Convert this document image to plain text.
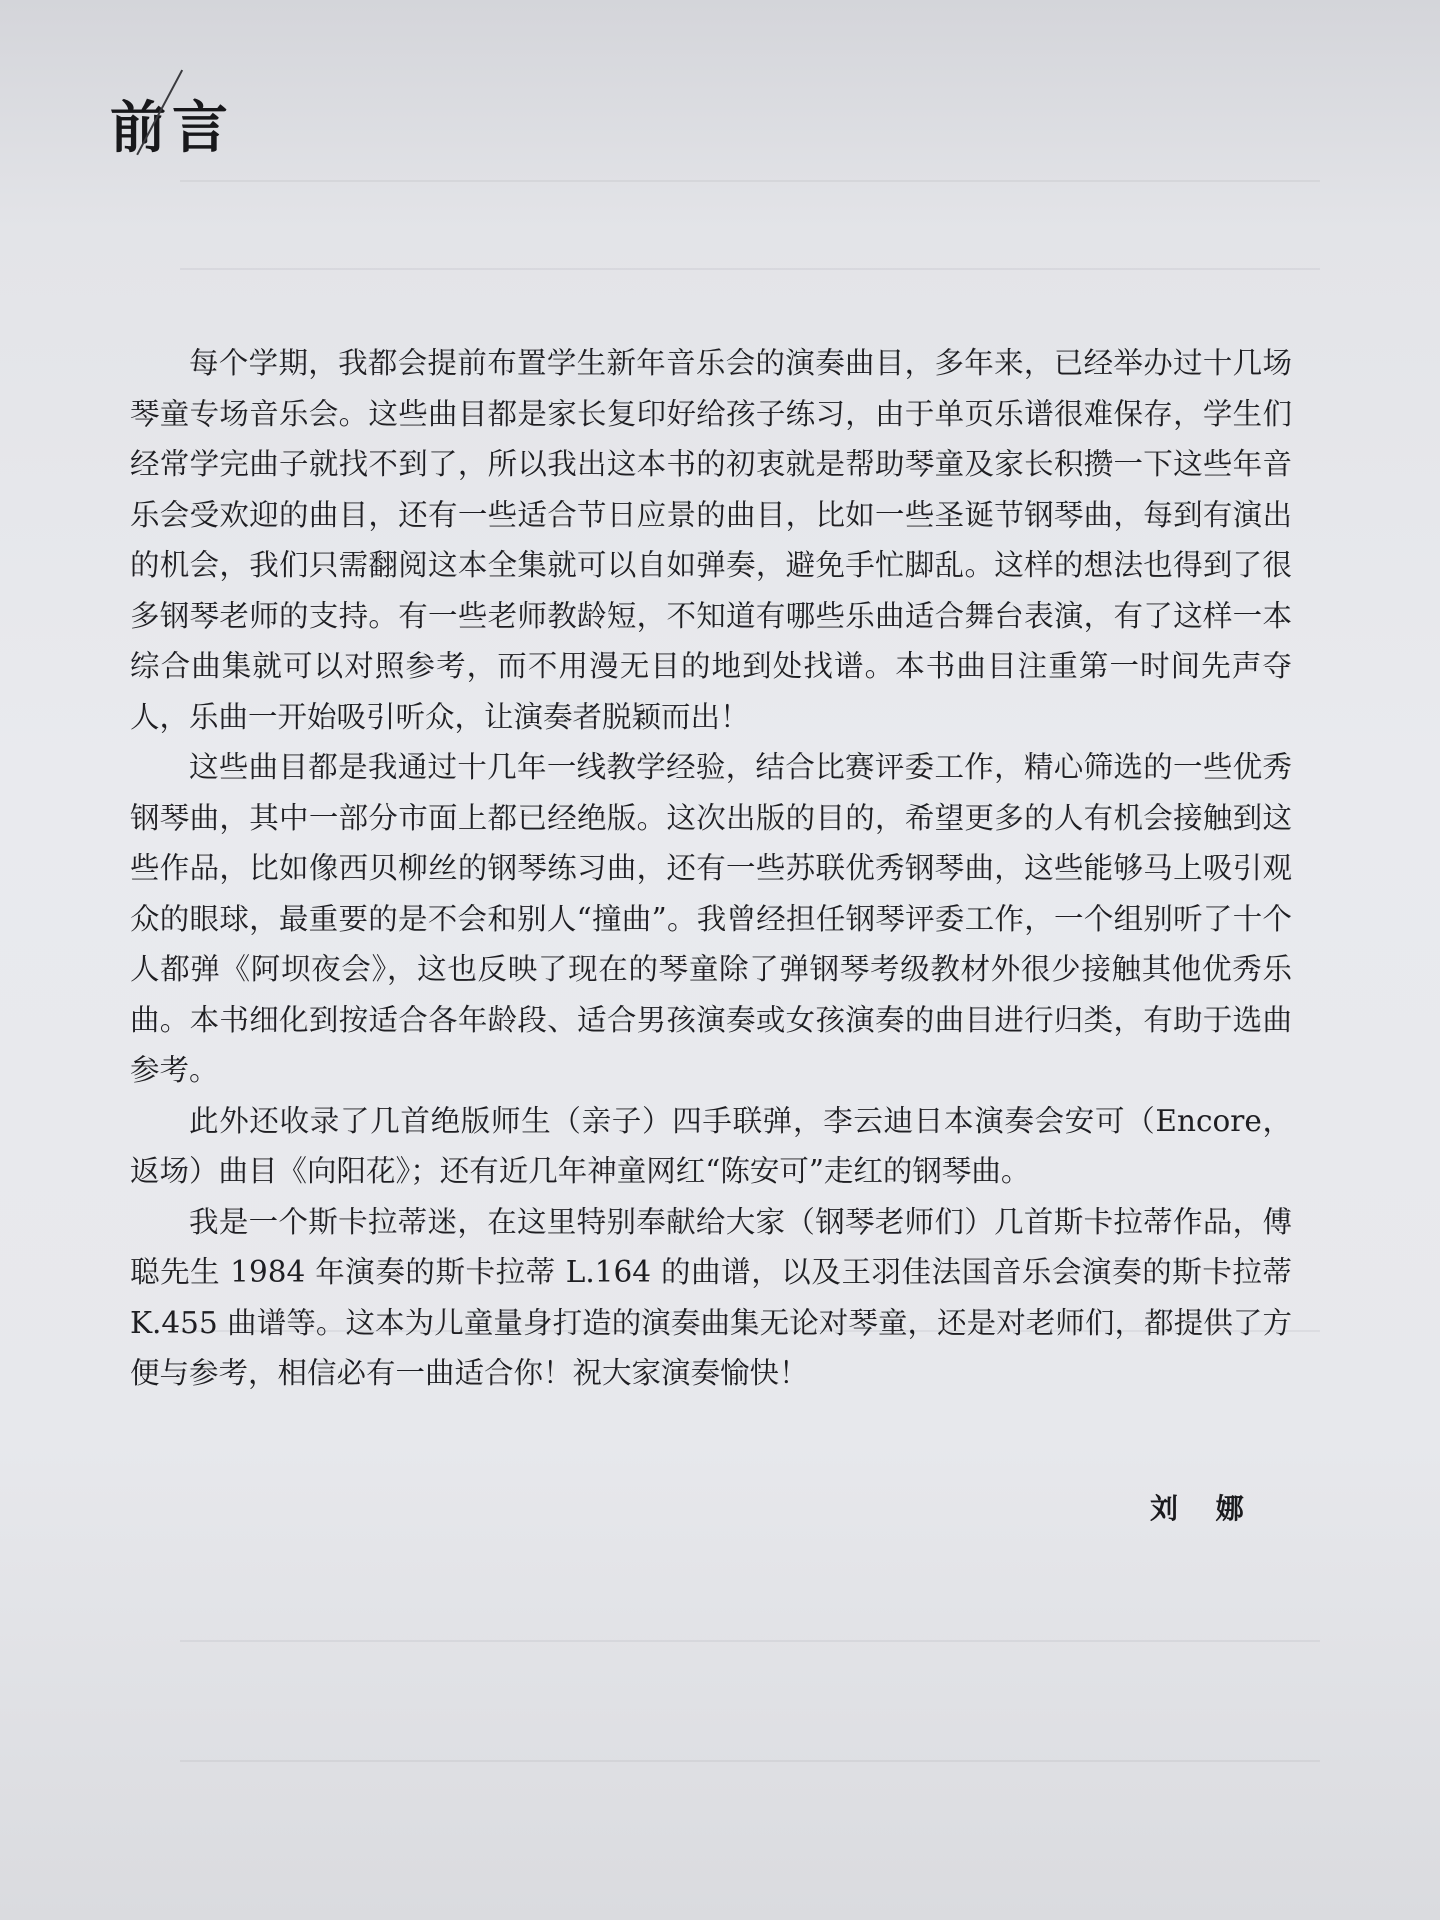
前言

每个学期，我都会提前布置学生新年音乐会的演奏曲目，多年来，已经举办过十几场琴童专场音乐会。这些曲目都是家长复印好给孩子练习，由于单页乐谱很难保存，学生们经常学完曲子就找不到了，所以我出这本书的初衷就是帮助琴童及家长积攒一下这些年音乐会受欢迎的曲目，还有一些适合节日应景的曲目，比如一些圣诞节钢琴曲，每到有演出的机会，我们只需翻阅这本全集就可以自如弹奏，避免手忙脚乱。这样的想法也得到了很多钢琴老师的支持。有一些老师教龄短，不知道有哪些乐曲适合舞台表演，有了这样一本综合曲集就可以对照参考，而不用漫无目的地到处找谱。本书曲目注重第一时间先声夺人，乐曲一开始吸引听众，让演奏者脱颖而出！

这些曲目都是我通过十几年一线教学经验，结合比赛评委工作，精心筛选的一些优秀钢琴曲，其中一部分市面上都已经绝版。这次出版的目的，希望更多的人有机会接触到这些作品，比如像西贝柳丝的钢琴练习曲，还有一些苏联优秀钢琴曲，这些能够马上吸引观众的眼球，最重要的是不会和别人“撞曲”。我曾经担任钢琴评委工作，一个组别听了十个人都弹《阿坝夜会》，这也反映了现在的琴童除了弹钢琴考级教材外很少接触其他优秀乐曲。本书细化到按适合各年龄段、适合男孩演奏或女孩演奏的曲目进行归类，有助于选曲参考。

此外还收录了几首绝版师生（亲子）四手联弹，李云迪日本演奏会安可（Encore，返场）曲目《向阳花》；还有近几年神童网红“陈安可”走红的钢琴曲。

我是一个斯卡拉蒂迷，在这里特别奉献给大家（钢琴老师们）几首斯卡拉蒂作品，傅聪先生 1984 年演奏的斯卡拉蒂 L.164 的曲谱，以及王羽佳法国音乐会演奏的斯卡拉蒂 K.455 曲谱等。这本为儿童量身打造的演奏曲集无论对琴童，还是对老师们，都提供了方便与参考，相信必有一曲适合你！祝大家演奏愉快！

刘 娜
